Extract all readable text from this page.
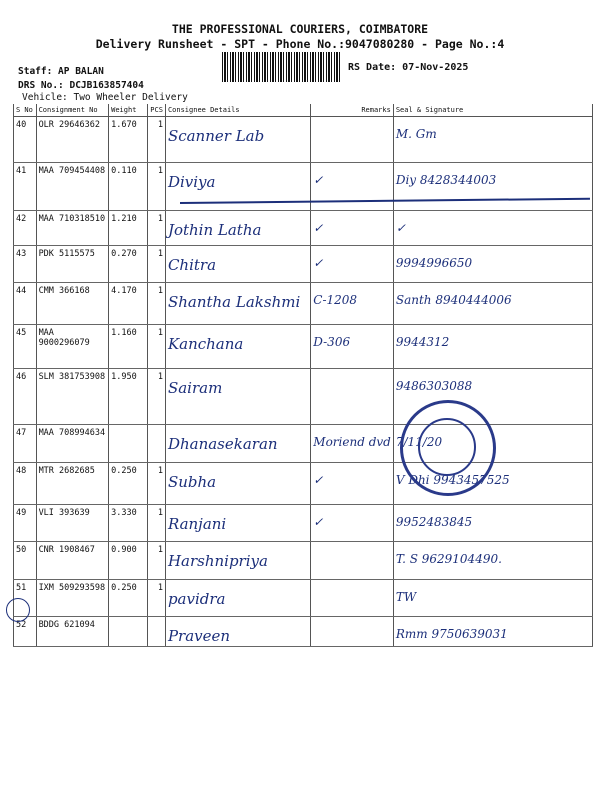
THE PROFESSIONAL COURIERS, COIMBATORE
Delivery Runsheet - SPT - Phone No.:9047080280 - Page No.:4
Staff: AP BALAN
DRS No.: DCJB163857404
Vehicle: Two Wheeler Delivery
RS Date: 07-Nov-2025
S No	Consignment No	Weight	PCS	Consignee Details	Remarks	Seal & Signature
40	OLR 29646362	1.670	1	Scanner Lab		M. Gm
41	MAA 709454408	0.110	1	Diviya	✓	Diy 8428344003
42	MAA 710318510	1.210	1	Jothin Latha	✓	✓
43	PDK 5115575	0.270	1	Chitra	✓	9994996650
44	CMM 366168	4.170	1	Shantha Lakshmi	C-1208	Santh 8940444006
45	MAA 9000296079	1.160	1	Kanchana	D-306	9944312
46	SLM 381753908	1.950	1	Sairam		9486303088
47	MAA 708994634			Dhanasekaran	Moriend dvd	7/11/20
48	MTR 2682685	0.250	1	Subha	✓	V Dhi 9943457525
49	VLI 393639	3.330	1	Ranjani	✓	9952483845
50	CNR 1908467	0.900	1	Harshnipriya		T. S 9629104490.
51	IXM 509293598	0.250	1	pavidra		TW
52	BDDG 621094			Praveen		Rmm 9750639031
